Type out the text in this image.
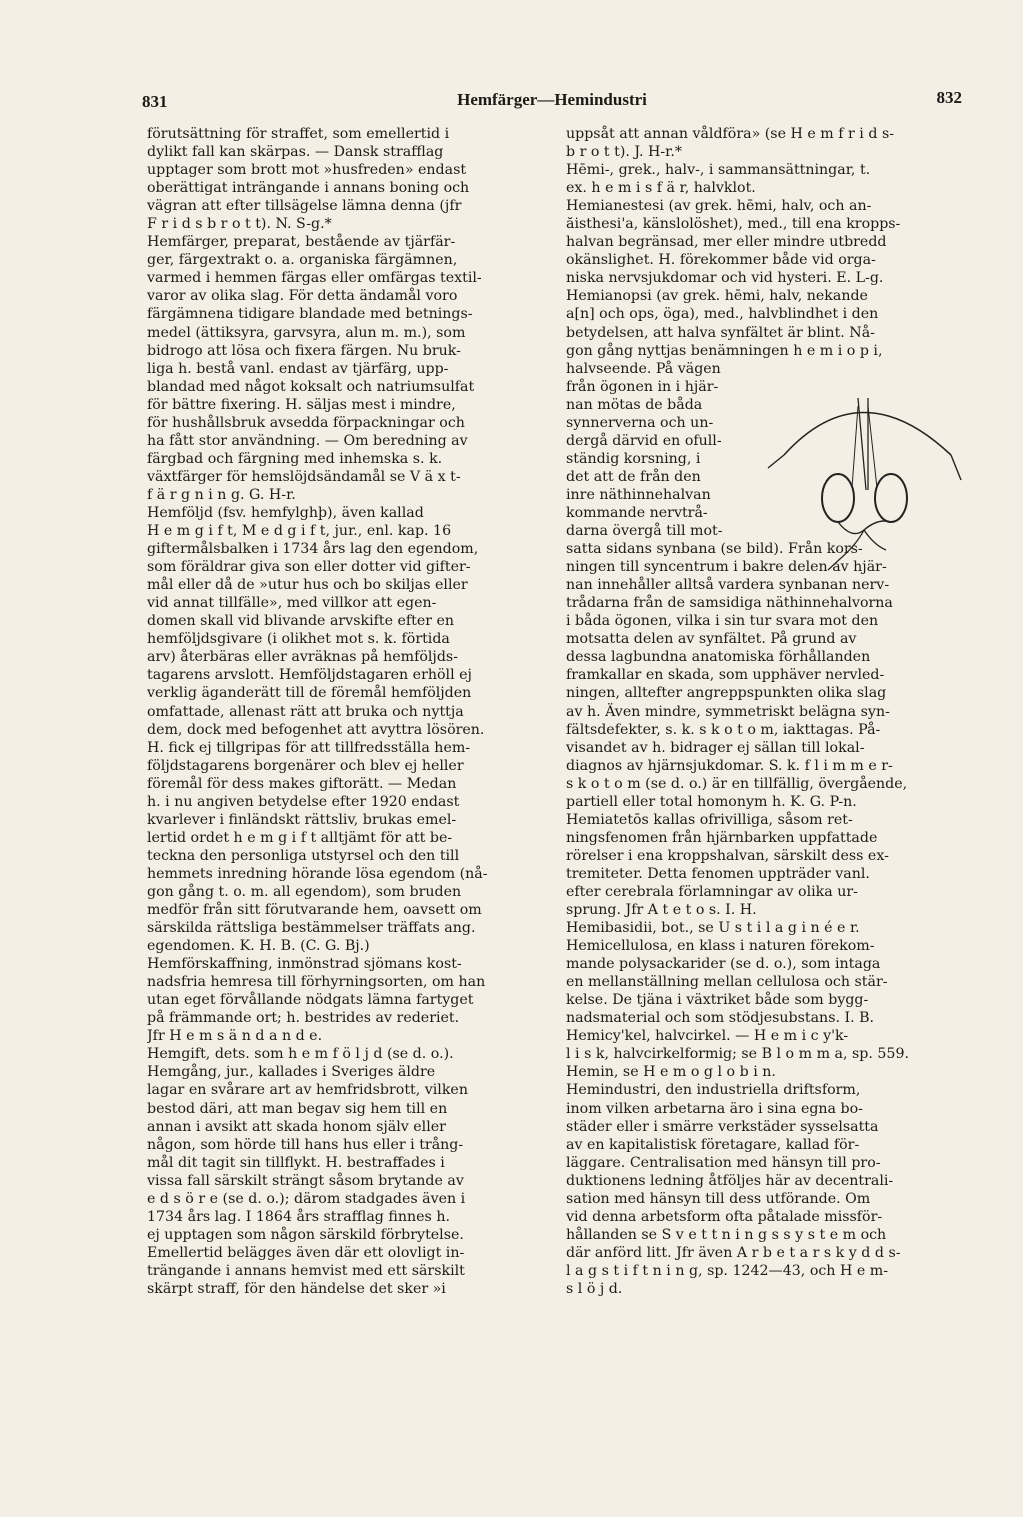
831	Hemfärger—Hemindustri	832
förutsättning för straffet, som emellertid i
dylikt fall kan skärpas. — Dansk strafflag
upptager som brott mot »husfreden» endast
oberättigat inträngande i annans boning och
vägran att efter tillsägelse lämna denna (jfr
F r i d s b r o t t). N. S-g.*
Hemfärger, preparat, bestående av tjärfär-
ger, färgextrakt o. a. organiska färgämnen,
varmed i hemmen färgas eller omfärgas textil-
varor av olika slag. För detta ändamål voro
färgämnena tidigare blandade med betnings-
medel (ättiksyra, garvsyra, alun m. m.), som
bidrogo att lösa och fixera färgen. Nu bruk-
liga h. bestå vanl. endast av tjärfärg, upp-
blandad med något koksalt och natriumsulfat
för bättre fixering. H. säljas mest i mindre,
för hushållsbruk avsedda förpackningar och
ha fått stor användning. — Om beredning av
färgbad och färgning med inhemska s. k.
växtfärger för hemslöjdsändamål se V ä x t-
f ä r g n i n g. G. H-r.
Hemföljd (fsv. hemfylghþ), även kallad
H e m g i f t, M e d g i f t, jur., enl. kap. 16
giftermålsbalken i 1734 års lag den egendom,
som föräldrar giva son eller dotter vid gifter-
mål eller då de »utur hus och bo skiljas eller
vid annat tillfälle», med villkor att egen-
domen skall vid blivande arvskifte efter en
hemföljdsgivare (i olikhet mot s. k. förtida
arv) återbäras eller avräknas på hemföljds-
tagarens arvslott. Hemföljdstagaren erhöll ej
verklig äganderätt till de föremål hemföljden
omfattade, allenast rätt att bruka och nyttja
dem, dock med befogenhet att avyttra lösören.
H. fick ej tillgripas för att tillfredsställa hem-
följdstagarens borgenärer och blev ej heller
föremål för dess makes giftorätt. — Medan
h. i nu angiven betydelse efter 1920 endast
kvarlever i finländskt rättsliv, brukas emel-
lertid ordet h e m g i f t alltjämt för att be-
teckna den personliga utstyrsel och den till
hemmets inredning hörande lösa egendom (nå-
gon gång t. o. m. all egendom), som bruden
medför från sitt förutvarande hem, oavsett om
särskilda rättsliga bestämmelser träffats ang.
egendomen. K. H. B. (C. G. Bj.)
Hemförskaffning, inmönstrad sjömans kost-
nadsfria hemresa till förhyrningsorten, om han
utan eget förvållande nödgats lämna fartyget
på främmande ort; h. bestrides av rederiet.
Jfr H e m s ä n d a n d e.
Hemgift, dets. som h e m f ö l j d (se d. o.).
Hemgång, jur., kallades i Sveriges äldre
lagar en svårare art av hemfridsbrott, vilken
bestod däri, att man begav sig hem till en
annan i avsikt att skada honom själv eller
någon, som hörde till hans hus eller i trång-
mål dit tagit sin tillflykt. H. bestraffades i
vissa fall särskilt strängt såsom brytande av
e d s ö r e (se d. o.); därom stadgades även i
1734 års lag. I 1864 års strafflag finnes h.
ej upptagen som någon särskild förbrytelse.
Emellertid belägges även där ett olovligt in-
trängande i annans hemvist med ett särskilt
skärpt straff, för den händelse det sker »i
uppsåt att annan våldföra» (se H e m f r i d s-
b r o t t). J. H-r.*
Hēmi-, grek., halv-, i sammansättningar, t.
ex. h e m i s f ä r, halvklot.
Hemianestesi (av grek. hēmi, halv, och an-
ăisthesi'a, känslolöshet), med., till ena kropps-
halvan begränsad, mer eller mindre utbredd
okänslighet. H. förekommer både vid orga-
niska nervsjukdomar och vid hysteri. E. L-g.
Hemianopsi (av grek. hēmi, halv, nekande
a[n] och ops, öga), med., halvblindhet i den
betydelsen, att halva synfältet är blint. Nå-
gon gång nyttjas benämningen h e m i o p i,
halvseende. På vägen
från ögonen in i hjär-
nan mötas de båda
synnerverna och un-
dergå därvid en ofull-
ständig korsning, i
det att de från den
inre näthinnehalvan
kommande nervtrå-
darna övergå till mot-
satta sidans synbana (se bild). Från kors-
ningen till syncentrum i bakre delen av hjär-
nan innehåller alltså vardera synbanan nerv-
trådarna från de samsidiga näthinnehalvorna
i båda ögonen, vilka i sin tur svara mot den
motsatta delen av synfältet. På grund av
dessa lagbundna anatomiska förhållanden
framkallar en skada, som upphäver nervled-
ningen, alltefter angreppspunkten olika slag
av h. Även mindre, symmetriskt belägna syn-
fältsdefekter, s. k. s k o t o m, iakttagas. På-
visandet av h. bidrager ej sällan till lokal-
diagnos av hjärnsjukdomar. S. k. f l i m m e r-
s k o t o m (se d. o.) är en tillfällig, övergående,
partiell eller total homonym h. K. G. P-n.
Hemiatetōs kallas ofrivilliga, såsom ret-
ningsfenomen från hjärnbarken uppfattade
rörelser i ena kroppshalvan, särskilt dess ex-
tremiteter. Detta fenomen uppträder vanl.
efter cerebrala förlamningar av olika ur-
sprung. Jfr A t e t o s. I. H.
Hemibasidii, bot., se U s t i l a g i n é e r.
Hemicellulosa, en klass i naturen förekom-
mande polysackarider (se d. o.), som intaga
en mellanställning mellan cellulosa och stär-
kelse. De tjäna i växtriket både som bygg-
nadsmaterial och som stödjesubstans. I. B.
Hemicy'kel, halvcirkel. — H e m i c y'k-
l i s k, halvcirkelformig; se B l o m m a, sp. 559.
Hemin, se H e m o g l o b i n.
Hemindustri, den industriella driftsform,
inom vilken arbetarna äro i sina egna bo-
städer eller i smärre verkstäder sysselsatta
av en kapitalistisk företagare, kallad för-
läggare. Centralisation med hänsyn till pro-
duktionens ledning åtföljes här av decentrali-
sation med hänsyn till dess utförande. Om
vid denna arbetsform ofta påtalade missför-
hållanden se S v e t t n i n g s s y s t e m och
där anförd litt. Jfr även A r b e t a r s k y d d s-
l a g s t i f t n i n g, sp. 1242—43, och H e m-
s l ö j d.
